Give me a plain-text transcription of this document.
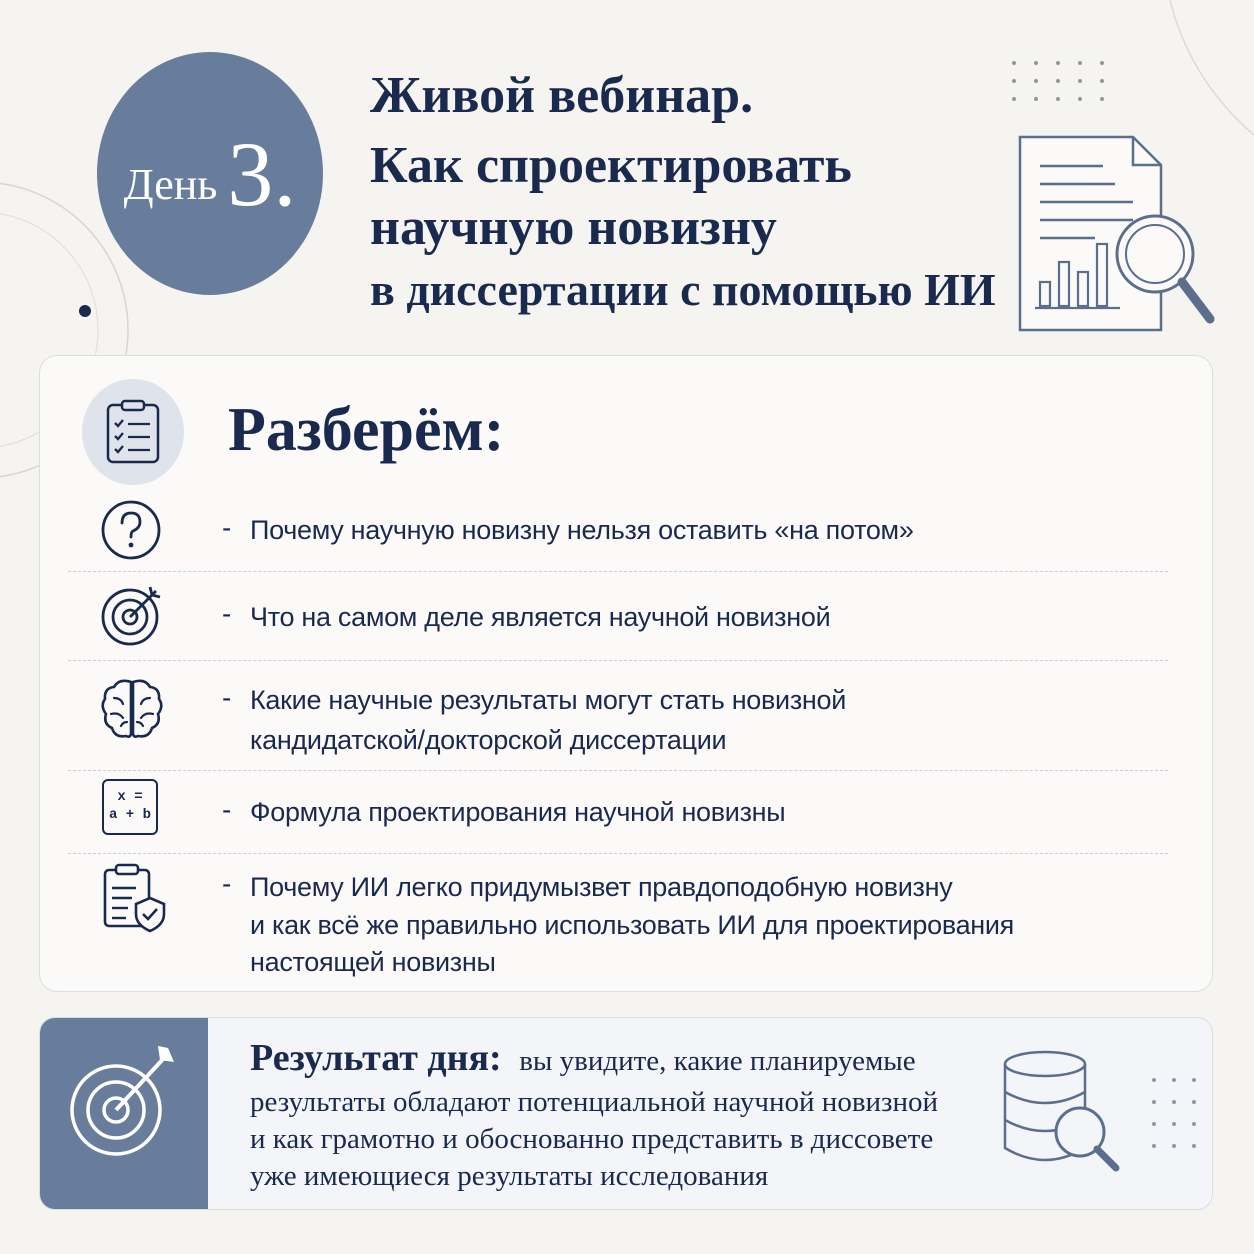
День 3.
Живой вебинар.
Как спроектировать
научную новизну
в диссертации с помощью ИИ
Разберём:
- Почему научную новизну нельзя оставить «на потом»
- Что на самом деле является научной новизной
- Какие научные результаты могут стать новизной
кандидатской/докторской диссертации
x =
a + b	- Формула проектирования научной новизны
- Почему ИИ легко придумызвет правдоподобную новизну
и как всё же правильно использовать ИИ для проектирования
настоящей новизны
Результат дня: вы увидите, какие планируемые
результаты обладают потенциальной научной новизной
и как грамотно и обоснованно представить в диссовете
уже имеющиеся результаты исследования
